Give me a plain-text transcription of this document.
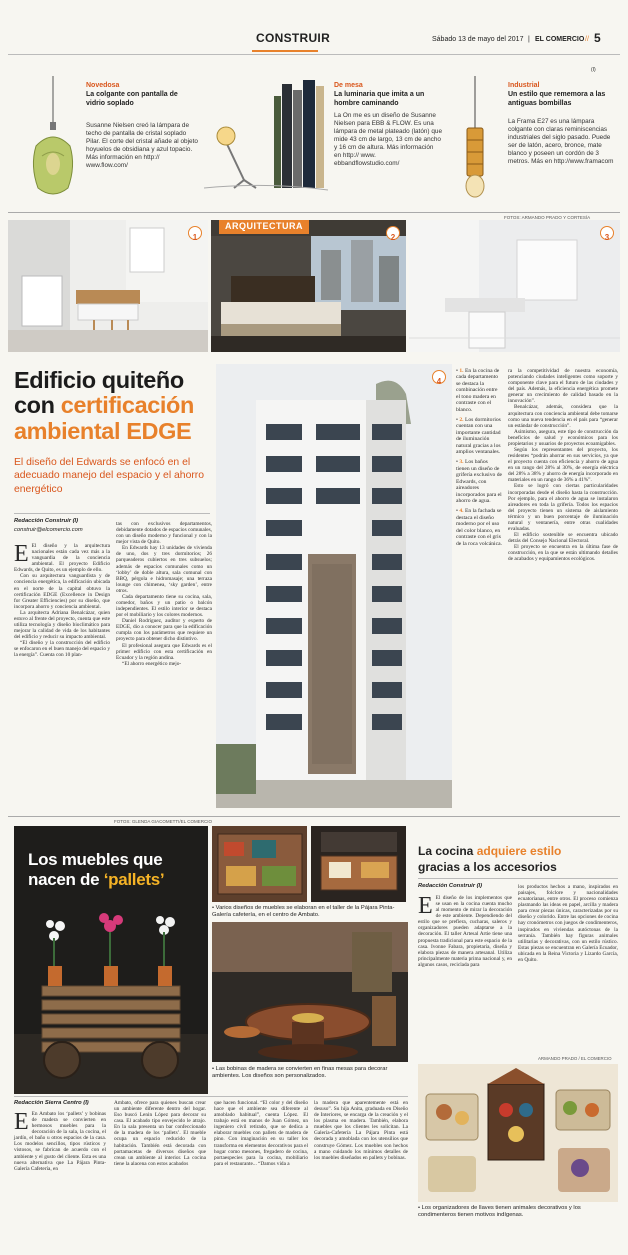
CONSTRUIR	Sábado 13 de mayo del 2017 | EL COMERCIO // 5
(I)
Novedosa
La colgante con pantalla de vidrio soplado
Susanne Nielsen creó la lámpara de techo de pantalla de cristal soplado Pilar. El corte del cristal añade al objeto hoyuelos de obsidiana y azul topacio. Más información en http:// www.flow.com/
De mesa
La luminaria que imita a un hombre caminando
La On me es un diseño de Susanne Nielsen para EBB & FLOW. Es una lámpara de metal plateado (latón) que mide 43 cm de largo, 13 cm de ancho y 16 cm de altura. Más información en http:// www. ebbandflowstudio.com/
Industrial
Un estilo que rememora a las antiguas bombillas
La Frama E27 es una lámpara colgante con claras reminiscencias industriales del siglo pasado. Puede ser de latón, acero, bronce, mate blanco y poseen un cordón de 3 metros. Más en http://www.framacom
FOTOS: ARMANDO PRADO Y CORTESÍA
1
ARQUITECTURA
2	3
Edificio quiteño con certificación ambiental EDGE
El diseño del Edwards se enfocó en el adecuado manejo del espacio y el ahorro energético
Redacción Construir (I)
construir@elcomercio.com

E El diseño y la arquitectura nacionales están cada vez más a la vanguardia de la conciencia ambiental. El proyecto Edificio Edwards, de Quito, es un ejemplo de ello.

Con su arquitectura vanguardista y de conciencia energética, la edificación ubicada en el norte de la capital obtuvo la certificación EDGE (Excellence in Design for Greater Efficiencies) por su diseño, que incorpora ahorro y conciencia ambiental.

La arquitecta Adriana Benalcázar, quien estuvo al frente del proyecto, cuenta que este utiliza tecnología y diseño bioclimático para mejorar la calidad de vida de los habitantes del edificio y reducir su impacto ambiental.

“El diseño y la construcción del edificio se enfocaron en el buen manejo del espacio y la energía”. Cuenta con 10 plan-

tas con exclusivos departamentos, debidamente dotados de espacios comunales, con un diseño moderno y funcional y con la mejor vista de Quito.

En Edwards hay 13 unidades de vivienda de uno, dos y tres dormitorios; 26 parqueaderos cubiertos en tres subsuelos; además de espacios comunales como un ‘lobby’ de doble altura, sala comunal con BBQ, pérgola e hidromasaje; una terraza lounge con chimenea, ‘sky garden’, entre otros.

Cada departamento tiene su cocina, sala, comedor, baños y un patio o balcón independientes. El estilo interior se destaca por el mobiliario y los colores modernos.

Daniel Rodríguez, auditor y experto de EDGE, dio a conocer para que la edificación cumpla con los parámetros que requiere un proyecto para obtener dicho distintivo.

El profesional asegura que Edwards es el primer edificio con esta certificación en Ecuador y la región andina.

“El ahorro energético mejo-

4

• 1. En la cocina de cada departamento se destaca la combinación entre el tono madera en contraste con el blanco.

• 2. Los dormitorios cuentan con una importante cantidad de iluminación natural gracias a los amplios ventanales.

• 3. Los baños tienen un diseño de grifería exclusivo de Edwards, con aireadores incorporados para el ahorro de agua.

• 4. En la fachada se destaca el diseño moderno por el uso del color blanco, en contraste con el gris de la roca volcánica.

ra la competitividad de nuestra economía, potenciando ciudades inteligentes como soporte y componente clave para el futuro de las ciudades y del país. Además, la eficiencia energética promete generar un crecimiento de calidad basado en la innovación”.

Benalcázar, además, considera que la arquitectura con conciencia ambiental debe tomarse como una nueva tendencia en el país para “generar un estándar de construcción”.

Asimismo, asegura, este tipo de construcción da beneficios de salud y económicos para los propietarios y usuarios de proyectos ecoamigables.

Según los representantes del proyecto, los residentes “podrán ahorrar en sus servicios, ya que el proyecto cuenta con eficiencia y ahorro de agua en un rango del 28% al 30%, de energía eléctrica del 28% a 38% y ahorro de energía incorporado en materiales en un rango de 36% a 41%”.

Esto se logró con ciertas particularidades incorporadas desde el diseño hasta la construcción. Por ejemplo, para el ahorro de agua se instalaron aireadores en toda la grifería. Todos los espacios del proyecto tienen un sistema de aislamiento térmico y un buen porcentaje de iluminación natural y ventanería, entre otras cualidades evaluadas.

El edificio sostenible se encuentra ubicado detrás del Consejo Nacional Electoral.

El proyecto se encuentra en la última fase de construcción, en la que se están ultimando detalles de acabados y equipamientos ecológicos.

FOTOS: GLENDA GIACOMETTI/EL COMERCIO
Los muebles que
nacen de ‘pallets’
• Varios diseños de muebles se elaboran en el taller de la Pájara Pinta-Galería cafetería, en el centro de Ambato.
• Las bobinas de madera se convierten en finas mesas para decorar ambientes. Los diseños son personalizados.
Redacción Sierra Centro (I)

E En Ambato los ‘pallets’ y bobinas de madera se convierten en hermosos muebles para la decoración de la sala, la cocina, el jardín, el baño u otros espacios de la casa. Los modelos sencillos, tipos rústicos y vistosos, se fabrican de acuerdo con el ambiente y el gusto del cliente. Esta es una nueva alternativa que La Pájara Pinta-Galería Cafetería, en

Ambato, ofrece para quienes buscan crear un ambiente diferente dentro del hogar. Eso buscó Lenin López para decorar su casa. El acabado tipo envejecido le atrajo. En la sala presenta un bar confeccionado de la madera de los ‘pallets’. El mueble ocupa un espacio reducido de la habitación. También está decorada con portamacetas de diversos diseños que crean un ambiente al interior. La cocina tiene la alacena con estos acabados

que hacen funcional. “El color y del diseño hace que el ambiente sea diferente al amoblado habitual”, cuenta López. El trabajo está en manos de Juan Gómez, un ingeniero civil retirado, que se dedica a elaborar muebles con pallets de madera de pino. Con imaginación en su taller los transforma en elementos decorativos para el hogar como mesones, fregadero de cocina, portaespecies para la cocina, mobiliario para el restaurante... “Damos vida a

la madera que aparentemente está en desuso”. Su hija Anita, graduada en Diseño de Interiores, se encarga de la creación y el los plasma en madera. También, elabora muebles que los clientes les solicitan. La Galería-Cafetería La Pájara Pinta está decorada y amoblada con los utensilios que construye Gómez. Los muebles son hechos a mano cuidando los mínimos detalles de los muebles diseñados en pallets y bobinas.

La cocina adquiere estilo
gracias a los accesorios
Redacción Construir (I)

E El diseño de los implementos que se usan en la cocina cuenta mucho al momento de mirar la decoración de este ambiente. Dependiendo del estilo que se prefiera, cucharas, saleros y organizadores pueden adaptarse a la decoración. El taller Artesal Artie tiene una propuesta tradicional para este espacio de la casa. Ivonne Fabara, propietaria, diseña y elabora piezas de manera artesanal. Utiliza principalmente materia prima nacional y, en algunos casos, reciclada para

los productos hechos a mano, inspirados en paisajes, folclore y nacionalidades ecuatorianas, entre otros. El proceso comienza plasmando las ideas en papel, arcilla y madera para crear piezas únicas, caracterizadas por su diseño y colorido. Entre las opciones de cocina hay cronómetros con juegos de condimenteros, inspirados en viviendas autóctonas de la serranía. También hay figuras animales utilitarias y decorativas, con un estilo rústico. Estas piezas se encuentran en Galería Ecuador, ubicada en la Reina Victoria y Lizardo García, en Quito.

ARMANDO PRADO / EL COMERCIO
• Los organizadores de llaves tienen animales decorativos y los condimenteros tienen motivos indígenas.
